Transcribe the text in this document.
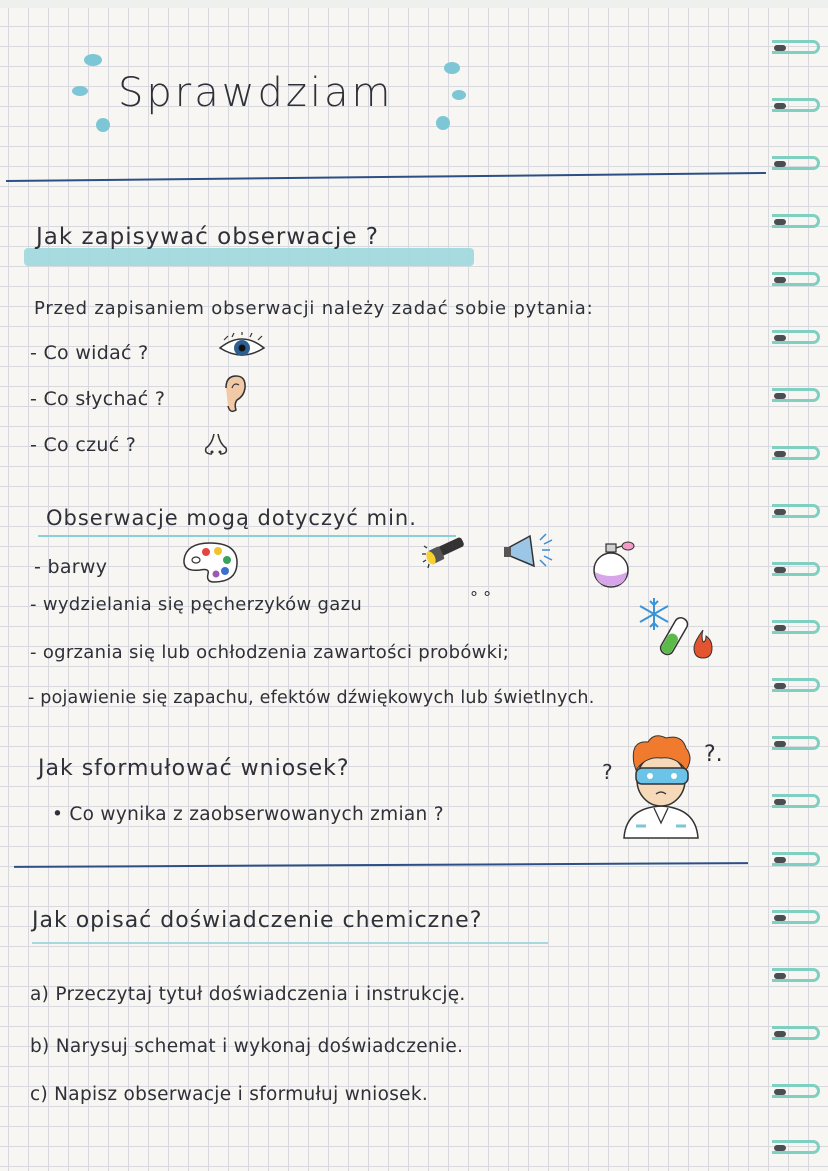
Sprawdziam
Jak zapisywać obserwacje ?
Przed zapisaniem obserwacji należy zadać sobie pytania:
- Co widać ?
- Co słychać ?
- Co czuć ?
Obserwacje mogą dotyczyć min.
- barwy
- wydzielania się pęcherzyków gazu	° °
- ogrzania się lub ochłodzenia zawartości probówki;
- pojawienie się zapachu, efektów dźwiękowych lub świetlnych.
Jak sformułować wniosek?
• Co wynika z zaobserwowanych zmian ?
?
?.
Jak opisać doświadczenie chemiczne?
a) Przeczytaj tytuł doświadczenia i instrukcję.
b) Narysuj schemat i wykonaj doświadczenie.
c) Napisz obserwacje i sformułuj wniosek.
